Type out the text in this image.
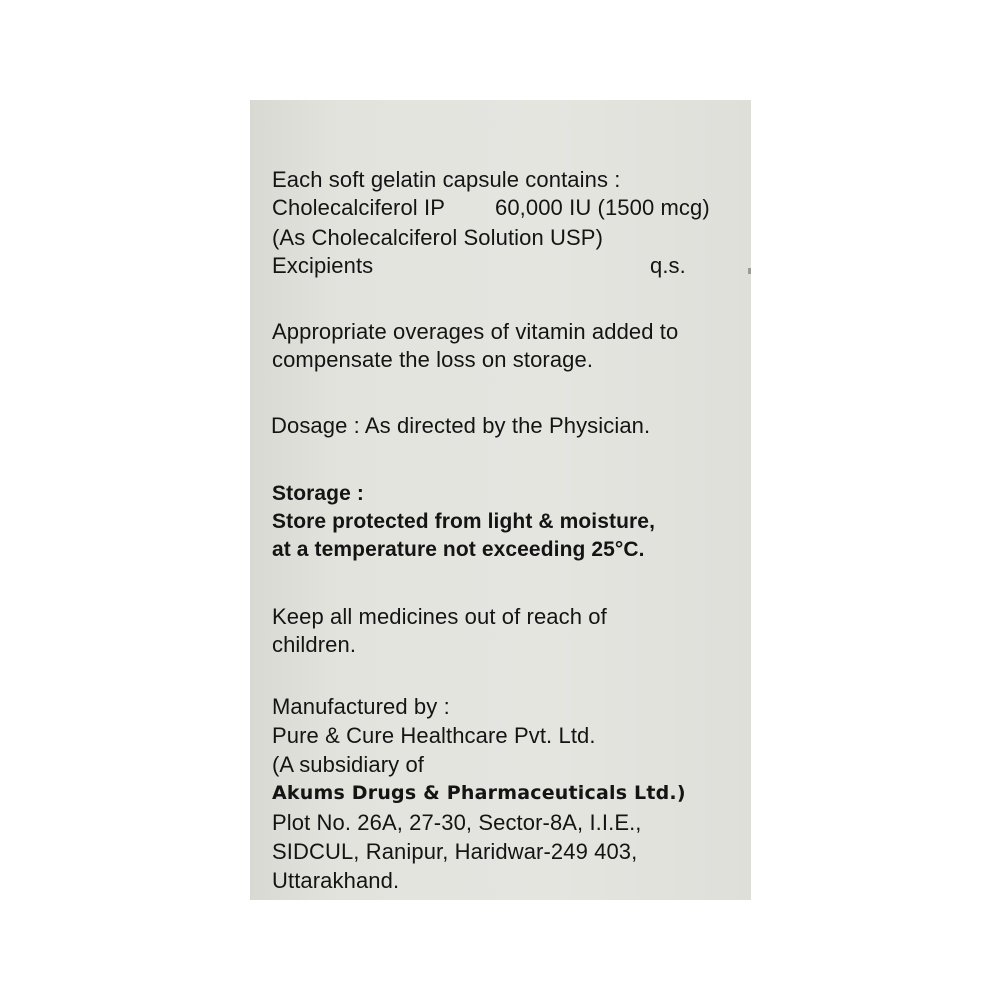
Each soft gelatin capsule contains :
Cholecalciferol IP 60,000 IU (1500 mcg)
(As Cholecalciferol Solution USP)
Excipients	q.s.
Appropriate overages of vitamin added to
compensate the loss on storage.
Dosage : As directed by the Physician.
Storage :
Store protected from light & moisture,
at a temperature not exceeding 25°C.
Keep all medicines out of reach of
children.
Manufactured by :
Pure & Cure Healthcare Pvt. Ltd.
(A subsidiary of
Akums Drugs & Pharmaceuticals Ltd.)
Plot No. 26A, 27-30, Sector-8A, I.I.E.,
SIDCUL, Ranipur, Haridwar-249 403,
Uttarakhand.
